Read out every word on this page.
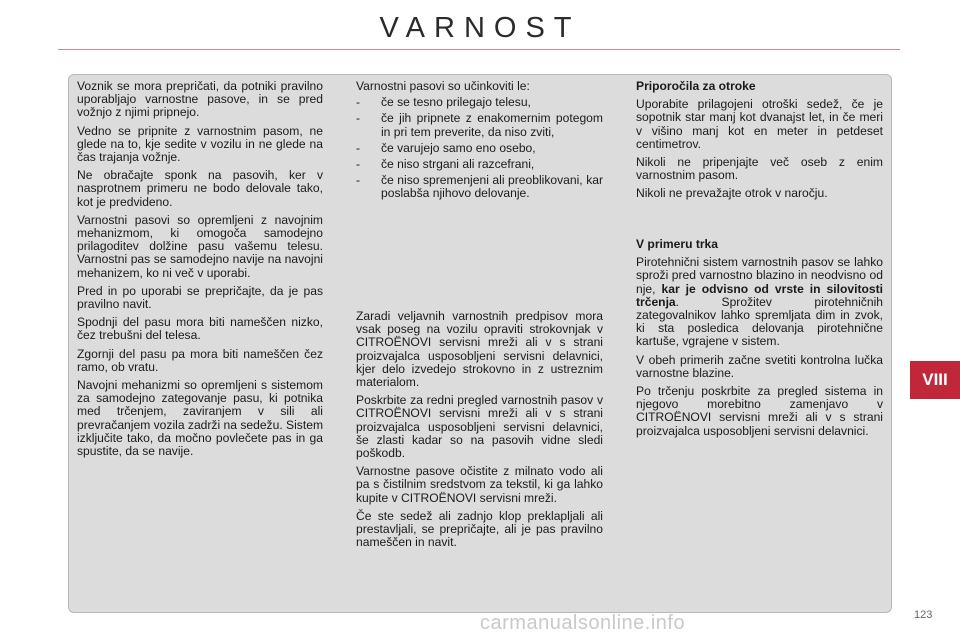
VARNOST

Voznik se mora prepričati, da potniki pravilno uporabljajo varnostne pasove, in se pred vožnjo z njimi pripnejo.

Vedno se pripnite z varnostnim pasom, ne glede na to, kje sedite v vozilu in ne glede na čas trajanja vožnje.

Ne obračajte sponk na pasovih, ker v nasprotnem primeru ne bodo delovale tako, kot je predvideno.

Varnostni pasovi so opremljeni z navojnim mehanizmom, ki omogoča samodejno prilagoditev dolžine pasu vašemu telesu. Varnostni pas se samodejno navije na navojni mehanizem, ko ni več v uporabi.

Pred in po uporabi se prepričajte, da je pas pravilno navit.

Spodnji del pasu mora biti nameščen nizko, čez trebušni del telesa.

Zgornji del pasu pa mora biti nameščen čez ramo, ob vratu.

Navojni mehanizmi so opremljeni s sistemom za samodejno zategovanje pasu, ki potnika med trčenjem, zaviranjem v sili ali prevračanjem vozila zadrži na sedežu. Sistem izključite tako, da močno povlečete pas in ga spustite, da se navije.

Varnostni pasovi so učinkoviti le:

- če se tesno prilegajo telesu,
- če jih pripnete z enakomernim potegom in pri tem preverite, da niso zviti,
- če varujejo samo eno osebo,
- če niso strgani ali razcefrani,
- če niso spremenjeni ali preoblikovani, kar poslabša njihovo delovanje.

Zaradi veljavnih varnostnih predpisov mora vsak poseg na vozilu opraviti strokovnjak v CITROËNOVI servisni mreži ali v s strani proizvajalca usposobljeni servisni delavnici, kjer delo izvedejo strokovno in z ustreznim materialom.

Poskrbite za redni pregled varnostnih pasov v CITROËNOVI servisni mreži ali v s strani proizvajalca usposobljeni servisni delavnici, še zlasti kadar so na pasovih vidne sledi poškodb.

Varnostne pasove očistite z milnato vodo ali pa s čistilnim sredstvom za tekstil, ki ga lahko kupite v CITROËNOVI servisni mreži.

Če ste sedež ali zadnjo klop preklapljali ali prestavljali, se prepričajte, ali je pas pravilno nameščen in navit.

Priporočila za otroke

Uporabite prilagojeni otroški sedež, če je sopotnik star manj kot dvanajst let, in če meri v višino manj kot en meter in petdeset centimetrov.

Nikoli ne pripenjajte več oseb z enim varnostnim pasom.

Nikoli ne prevažajte otrok v naročju.

V primeru trka

Pirotehnični sistem varnostnih pasov se lahko sproži pred varnostno blazino in neodvisno od nje, kar je odvisno od vrste in silovitosti trčenja. Sprožitev pirotehničnih zategovalnikov lahko spremljata dim in zvok, ki sta posledica delovanja pirotehnične kartuše, vgrajene v sistem.

V obeh primerih začne svetiti kontrolna lučka varnostne blazine.

Po trčenju poskrbite za pregled sistema in njegovo morebitno zamenjavo v CITROËNOVI servisni mreži ali v s strani proizvajalca usposobljeni servisni delavnici.

VIII
123
carmanualsonline.info
